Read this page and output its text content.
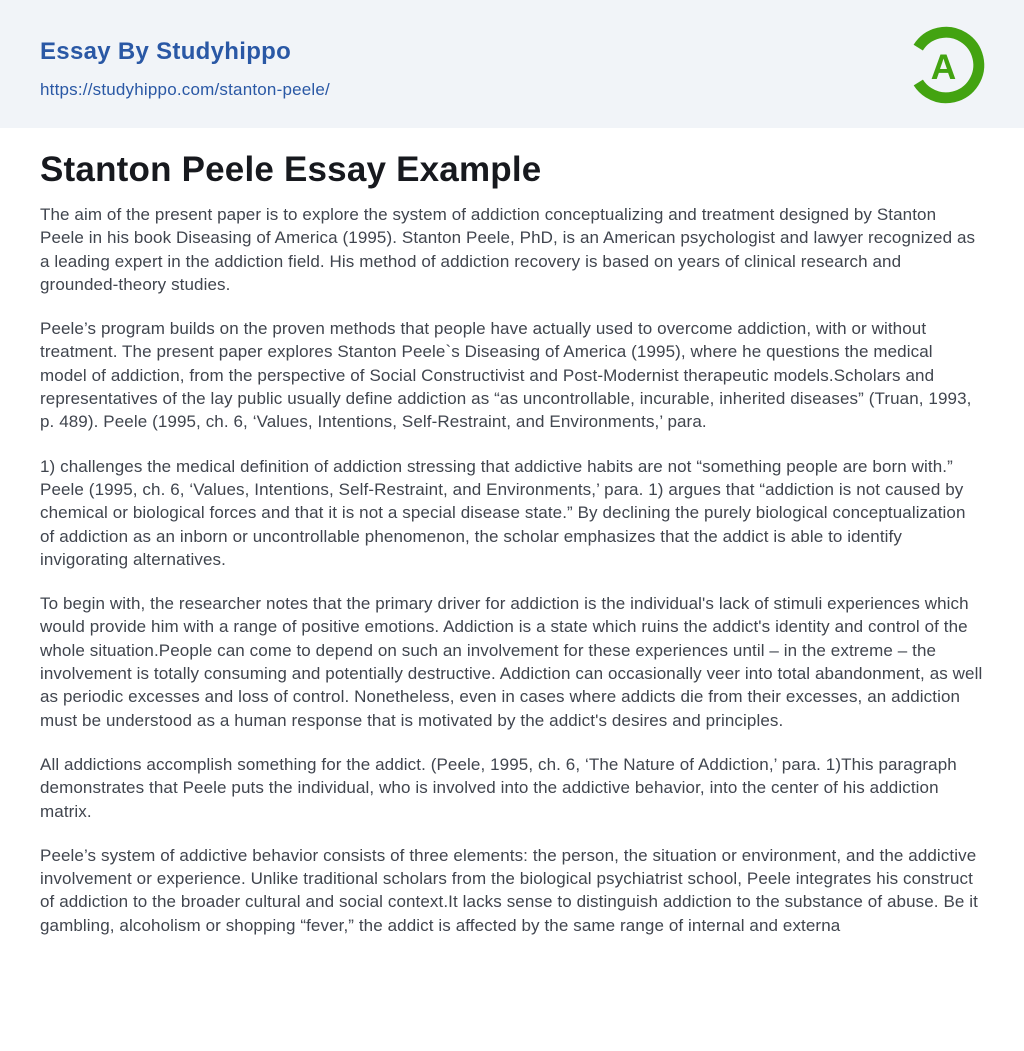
Essay By Studyhippo
https://studyhippo.com/stanton-peele/
A
Stanton Peele Essay Example

The aim of the present paper is to explore the system of addiction conceptualizing and treatment designed by Stanton Peele in his book Diseasing of America (1995). Stanton Peele, PhD, is an American psychologist and lawyer recognized as a leading expert in the addiction field. His method of addiction recovery is based on years of clinical research and grounded-theory studies.

Peele’s program builds on the proven methods that people have actually used to overcome addiction, with or without treatment. The present paper explores Stanton Peele`s Diseasing of America (1995), where he questions the medical model of addiction, from the perspective of Social Constructivist and Post-Modernist therapeutic models.Scholars and representatives of the lay public usually define addiction as “as uncontrollable, incurable, inherited diseases” (Truan, 1993, p. 489). Peele (1995, ch. 6, ‘Values, Intentions, Self-Restraint, and Environments,’ para.

1) challenges the medical definition of addiction stressing that addictive habits are not “something people are born with.” Peele (1995, ch. 6, ‘Values, Intentions, Self-Restraint, and Environments,’ para. 1) argues that “addiction is not caused by chemical or biological forces and that it is not a special disease state.” By declining the purely biological conceptualization of addiction as an inborn or uncontrollable phenomenon, the scholar emphasizes that the addict is able to identify invigorating alternatives.

To begin with, the researcher notes that the primary driver for addiction is the individual's lack of stimuli experiences which would provide him with a range of positive emotions. Addiction is a state which ruins the addict's identity and control of the whole situation.People can come to depend on such an involvement for these experiences until – in the extreme – the involvement is totally consuming and potentially destructive. Addiction can occasionally veer into total abandonment, as well as periodic excesses and loss of control. Nonetheless, even in cases where addicts die from their excesses, an addiction must be understood as a human response that is motivated by the addict's desires and principles.

All addictions accomplish something for the addict. (Peele, 1995, ch. 6, ‘The Nature of Addiction,’ para. 1)This paragraph demonstrates that Peele puts the individual, who is involved into the addictive behavior, into the center of his addiction matrix.

Peele’s system of addictive behavior consists of three elements: the person, the situation or environment, and the addictive involvement or experience. Unlike traditional scholars from the biological psychiatrist school, Peele integrates his construct of addiction to the broader cultural and social context.It lacks sense to distinguish addiction to the substance of abuse. Be it gambling, alcoholism or shopping “fever,” the addict is affected by the same range of internal and externa
